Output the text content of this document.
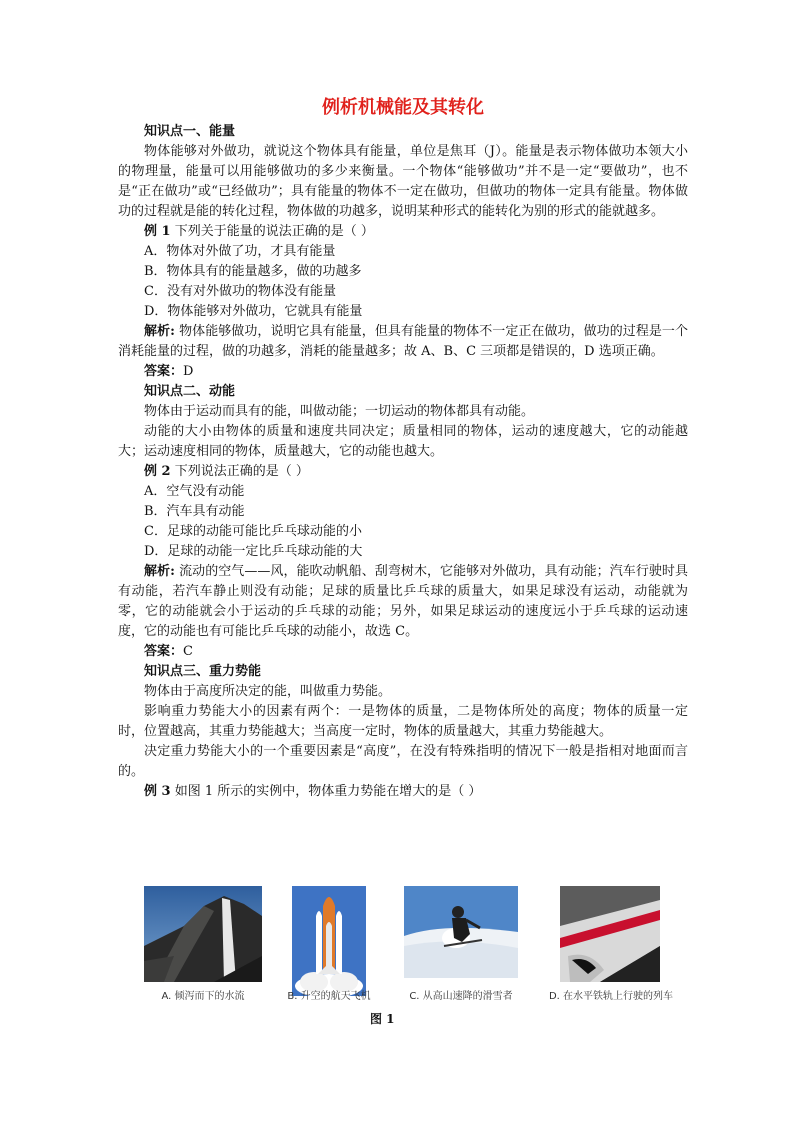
例析机械能及其转化

知识点一、能量

物体能够对外做功，就说这个物体具有能量，单位是焦耳（J）。能量是表示物体做功本领大小的物理量，能量可以用能够做功的多少来衡量。一个物体“能够做功”并不是一定“要做功”，也不是“正在做功”或“已经做功”；具有能量的物体不一定在做功，但做功的物体一定具有能量。物体做功的过程就是能的转化过程，物体做的功越多，说明某种形式的能转化为别的形式的能就越多。

例 1 下列关于能量的说法正确的是（ ）

A．物体对外做了功，才具有能量

B．物体具有的能量越多，做的功越多

C．没有对外做功的物体没有能量

D．物体能够对外做功，它就具有能量

解析: 物体能够做功，说明它具有能量，但具有能量的物体不一定正在做功，做功的过程是一个消耗能量的过程，做的功越多，消耗的能量越多；故 A、B、C 三项都是错误的，D 选项正确。

答案：D

知识点二、动能

物体由于运动而具有的能，叫做动能；一切运动的物体都具有动能。

动能的大小由物体的质量和速度共同决定；质量相同的物体，运动的速度越大，它的动能越大；运动速度相同的物体，质量越大，它的动能也越大。

例 2 下列说法正确的是（ ）

A．空气没有动能

B．汽车具有动能

C．足球的动能可能比乒乓球动能的小

D．足球的动能一定比乒乓球动能的大

解析: 流动的空气——风，能吹动帆船、刮弯树木，它能够对外做功，具有动能；汽车行驶时具有动能，若汽车静止则没有动能；足球的质量比乒乓球的质量大，如果足球没有运动，动能就为零，它的动能就会小于运动的乒乓球的动能；另外，如果足球运动的速度远小于乒乓球的运动速度，它的动能也有可能比乒乓球的动能小，故选 C。

答案：C

知识点三、重力势能

物体由于高度所决定的能，叫做重力势能。

影响重力势能大小的因素有两个：一是物体的质量，二是物体所处的高度；物体的质量一定时，位置越高，其重力势能越大；当高度一定时，物体的质量越大，其重力势能越大。

决定重力势能大小的一个重要因素是“高度”，在没有特殊指明的情况下一般是指相对地面而言的。

例 3 如图 1 所示的实例中，物体重力势能在增大的是（ ）

A. 倾泻而下的水流	B. 升空的航天飞机	C. 从高山速降的滑雪者	D. 在水平铁轨上行驶的列车
图 1
